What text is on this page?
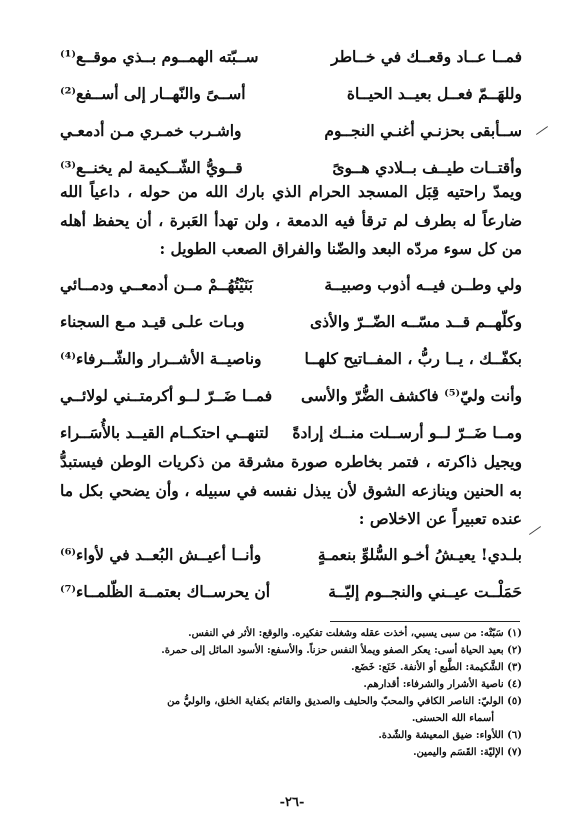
فمــا عــاد وقعــك في خــاطر
ســبّته الهمــوم بــذي موقــع⁽¹⁾
وللهَــمّ فعــل بعيــد الحيــاة
أســىً والنّهــار إلى أســفع⁽²⁾
ســأبقى بحزنـي أغنـي النجــوم
واشـرب خمـري مـن أدمعـي
وأقتــات طيــف بــلادي هــوىً
قــويُّ الشّــكيمة لم يخنــع⁽³⁾

ويمدّ راحتيه قِبَل المسجد الحرام الذي بارك الله من حوله ، داعياً الله ضارعاً له بطرف لم ترقأ فيه الدمعة ، ولن تهدأ العَبرة ، أن يحفظ أهله من كل سوء مردّه البعد والضّنا والفراق الصعب الطويل :

ولي وطــن فيــه أذوب وصبيــة
بَنَيْتُهُــمْ مــن أدمعــي ودمــائي
وكلّهــم قــد مسّــه الضّــرّ والأذى
وبـات علـى قيـد مـع السجناء
بكفّــك ، يــا ربُّ ، المفــاتيح كلهــا
وناصيــة الأشــرار والشّــرفاء⁽⁴⁾
وأنت وليّ⁽⁵⁾ فاكشف الضُّرّ والأسى
فمــا ضَــرّ لــو أكرمتــني لولائــي
ومــا ضَــرّ لــو أرســلت منــك إرادةً
لتنهــي احتكــام القيــد بالأُسَــراء

ويجيل ذاكرته ، فتمر بخاطره صورة مشرقة من ذكريات الوطن فيستبدُّ به الحنين وينازعه الشوق لأن يبذل نفسه في سبيله ، وأن يضحي بكل ما عنده تعبيراً عن الاخلاص :

بلـدي! يعيـشُ أخـو السُّلوِّ بنعمـةٍ
وأنــا أعيــش البُعــد في لأواء⁽⁶⁾
حَمَلْــت عيــني والنجــوم إليّــة
أن يحرســاك بعتمــة الظّلمــاء⁽⁷⁾
(١) سَبّتْه: من سبى يسبي، أخذت عقله وشغلت تفكيره. والوقع: الأثر في النفس.
(٢) بعيد الحياة أسى: يعكر الصفو ويملأ النفس حزناً. والأسفع: الأسود المائل إلى حمرة.
(٣) الشَّكيمة: الطَّبع أو الأنفة. خَنَع: خَضَع.
(٤) ناصية الأشرار والشرفاء: أقدارهم.
(٥) الوليّ: الناصر الكافي والمحبّ والحليف والصديق والقائم بكفاية الخلق، والوليُّ من
أسماء الله الحسنى.
(٦) اللأواء: ضيق المعيشة والشّدة.
(٧) الإليّة: القَسَم واليمين.
-٢٦-
